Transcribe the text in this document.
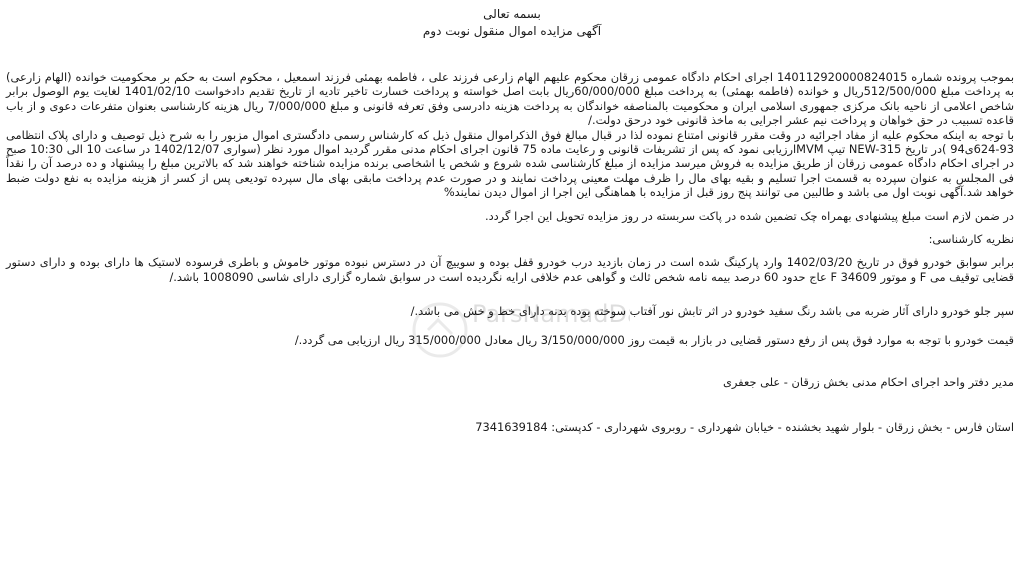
بسمه تعالی
آگهی مزایده اموال منقول نوبت دوم

بموجب پرونده شماره 140112920000824015 اجرای احکام دادگاه عمومی زرقان محکوم علیهم الهام زارعی فرزند علی ، فاطمه بهمئی فرزند اسمعیل ، محکوم است به حکم بر محکومیت خوانده (الهام زارعی) به پرداخت مبلغ 512/500/000ریال و خوانده (فاطمه بهمئی) به پرداخت مبلغ 60/000/000ریال بابت اصل خواسته و پرداخت خسارت تاخیر تادیه از تاریخ تقدیم دادخواست 1401/02/10 لغایت یوم الوصول برابر شاخص اعلامی از ناحیه بانک مرکزی جمهوری اسلامی ایران و محکومیت بالمناصفه خواندگان به پرداخت هزینه دادرسی وفق تعرفه قانونی و مبلغ 7/000/000 ریال هزینه کارشناسی بعنوان متفرعات دعوی و از باب قاعده تسبیب در حق خواهان و پرداخت نیم عشر اجرایی به ماخذ قانونی خود درحق دولت./

با توجه به اینکه محکوم علیه از مفاد اجرائیه در وقت مقرر قانونی امتناع نموده لذا در قبال مبالغ فوق الذکراموال منقول ذیل که کارشناس رسمی دادگستری اموال مزبور را به شرح ذیل توصیف و دارای پلاک انتظامی 93-624ی94 )در تاریخ NEW-315 تیپ MVMارزیابی نمود که پس از تشریفات قانونی و رعایت ماده 75 قانون اجرای احکام مدنی مقرر گردید اموال مورد نظر (سواری 1402/12/07 در ساعت 10 الی 10:30 صبح در اجرای احکام دادگاه عمومی زرقان از طریق مزایده به فروش میرسد مزایده از مبلغ کارشناسی شده شروع و شخص یا اشخاصی برنده مزایده شناخته خواهند شد که بالاترین مبلغ را پیشنهاد و ده درصد آن را نقداً فی المجلس به عنوان سپرده به قسمت اجرا تسلیم و بقیه بهای مال را ظرف مهلت معینی پرداخت نمایند و در صورت عدم پرداخت مابقی بهای مال سپرده تودیعی پس از کسر از هزینه مزایده به نفع دولت ضبط خواهد شد.آگهی نوبت اول می باشد و طالبین می توانند پنج روز قبل از مزایده با هماهنگی این اجرا از اموال دیدن نمایند%

در ضمن لازم است مبلغ پیشنهادی بهمراه چک تضمین شده در پاکت سربسته در روز مزایده تحویل این اجرا گردد.

نظریه کارشناسی:

برابر سوابق خودرو فوق در تاریخ 1402/03/20 وارد پارکینگ شده است در زمان بازدید درب خودرو قفل بوده و سوییچ آن در دسترس نبوده موتور خاموش و باطری فرسوده لاستیک ها دارای بوده و دارای دستور قضایی توقیف می F و موتور 34609 F عاج حدود 60 درصد بیمه نامه شخص ثالث و گواهی عدم خلافی ارایه نگردیده است در سوابق شماره گزاری دارای شاسی 1008090 باشد./

سپر جلو خودرو دارای آثار ضربه می باشد رنگ سفید خودرو در اثر تابش نور آفتاب سوخته بوده بدنه دارای خط و خش می باشد./

قیمت خودرو با توجه به موارد فوق پس از رفع دستور قضایی در بازار به قیمت روز 3/150/000/000 ریال معادل 315/000/000 ریال ارزیابی می گردد./

مدیر دفتر واحد اجرای احکام مدنی بخش زرقان - علی جعفری

استان فارس - بخش زرقان - بلوار شهید بخشنده - خیابان شهرداری - روبروی شهرداری - کدپستی: 7341639184

ParsNamadD
